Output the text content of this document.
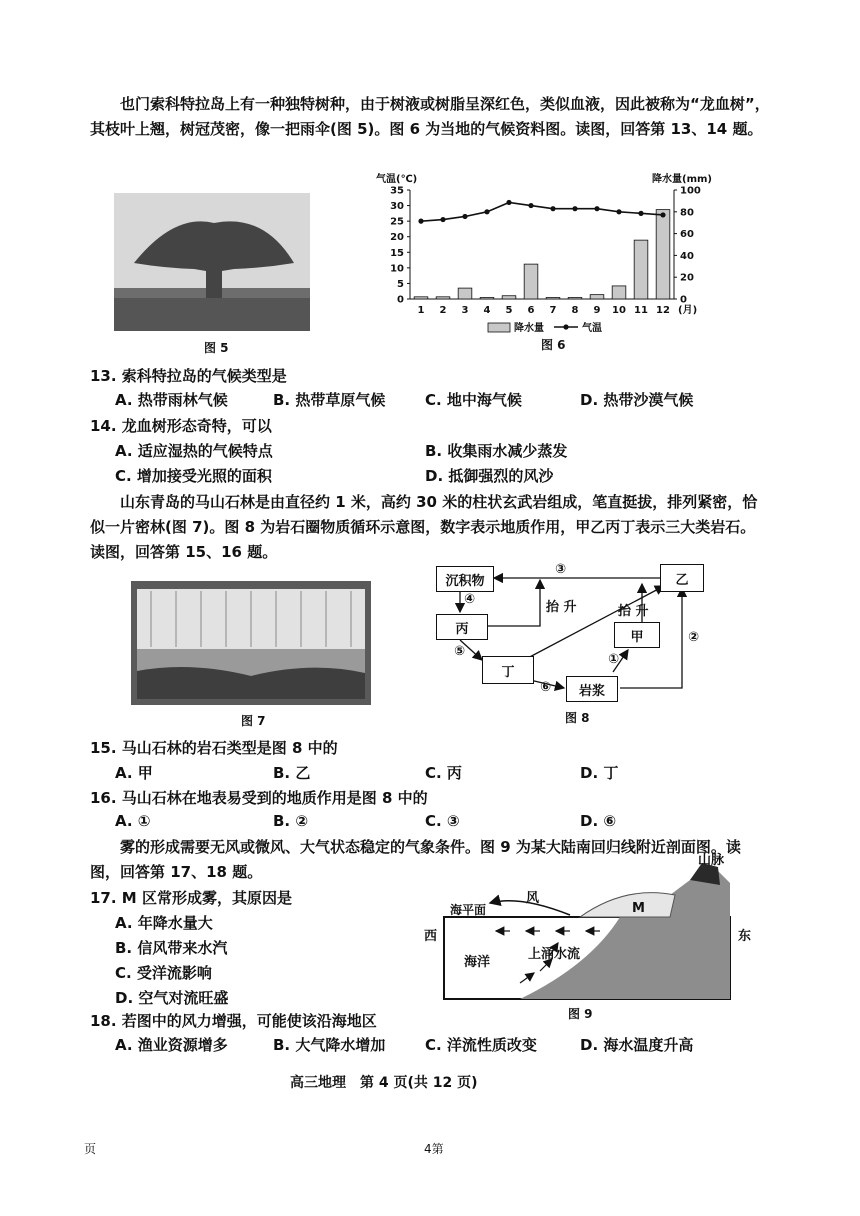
也门索科特拉岛上有一种独特树种，由于树液或树脂呈深红色，类似血液，因此被称为“龙血树”，其枝叶上翘，树冠茂密，像一把雨伞(图 5)。图 6 为当地的气候资料图。读图，回答第 13、14 题。
图 5
0
5
10
15
20
25
30
35
0
20
40
60
80
100
气温(℃)	降水量(mm)
1 2 3 4 5 6 7 8 9 10 11 12 (月)
降水量	气温
图 6
13. 索科特拉岛的气候类型是
A. 热带雨林气候	B. 热带草原气候	C. 地中海气候	D. 热带沙漠气候
14. 龙血树形态奇特，可以
A. 适应湿热的气候特点	B. 收集雨水减少蒸发
C. 增加接受光照的面积	D. 抵御强烈的风沙
山东青岛的马山石林是由直径约 1 米，高约 30 米的柱状玄武岩组成，笔直挺拔，排列紧密，恰似一片密林(图 7)。图 8 为岩石圈物质循环示意图，数字表示地质作用，甲乙丙丁表示三大类岩石。读图，回答第 15、16 题。
图 7
沉积物	乙
丙
甲
丁
岩浆
③
④
⑤
⑥
①
②
抬 升	抬 升
图 8
15. 马山石林的岩石类型是图 8 中的
A. 甲	B. 乙	C. 丙	D. 丁
16. 马山石林在地表易受到的地质作用是图 8 中的
A. ①	B. ②	C. ③	D. ⑥
雾的形成需要无风或微风、大气状态稳定的气象条件。图 9 为某大陆南回归线附近剖面图。读图，回答第 17、18 题。
17. M 区常形成雾，其原因是
A. 年降水量大
B. 信风带来水汽
C. 受洋流影响
D. 空气对流旺盛
山脉
风
海平面	M
西	东
海洋
上涌水流
图 9
18. 若图中的风力增强，可能使该沿海地区
A. 渔业资源增多	B. 大气降水增加	C. 洋流性质改变	D. 海水温度升高
高三地理　第 4 页(共 12 页)
页	4第
